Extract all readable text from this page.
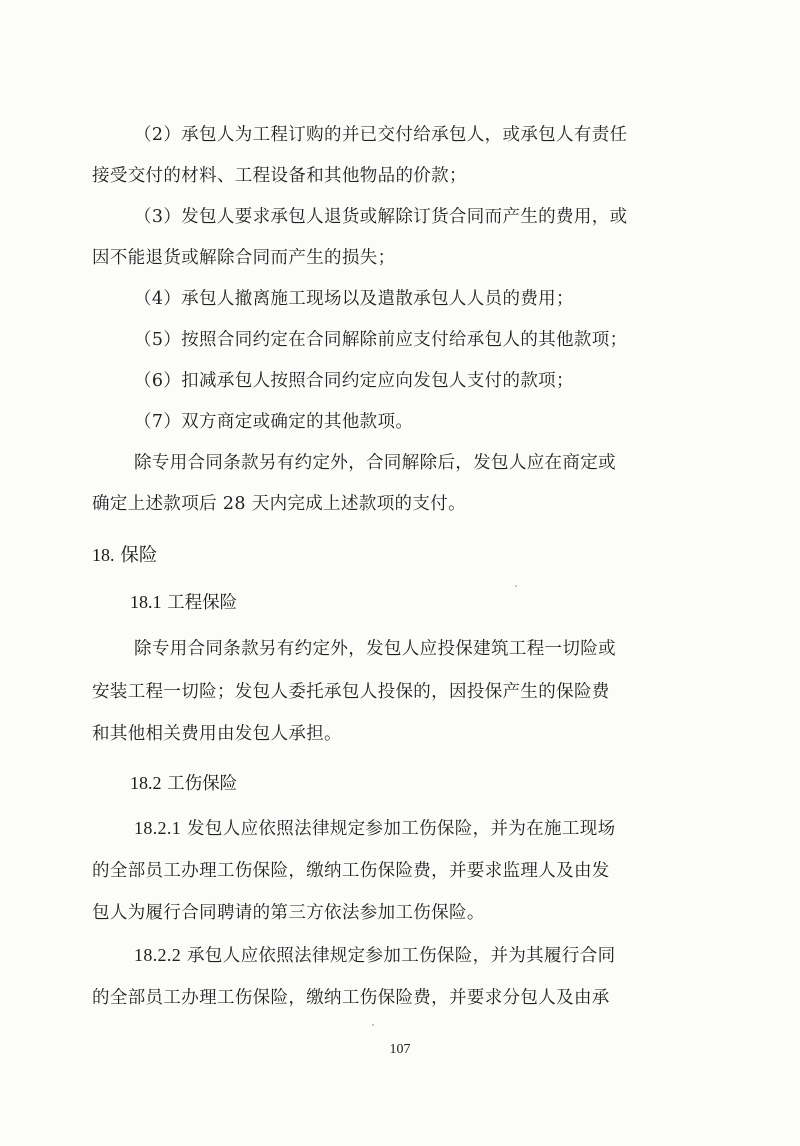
（2）承包人为工程订购的并已交付给承包人，或承包人有责任

接受交付的材料、工程设备和其他物品的价款；

（3）发包人要求承包人退货或解除订货合同而产生的费用，或

因不能退货或解除合同而产生的损失；

（4）承包人撤离施工现场以及遣散承包人人员的费用；

（5）按照合同约定在合同解除前应支付给承包人的其他款项；

（6）扣减承包人按照合同约定应向发包人支付的款项；

（7）双方商定或确定的其他款项。

除专用合同条款另有约定外，合同解除后，发包人应在商定或

确定上述款项后 28 天内完成上述款项的支付。

18. 保险

18.1 工程保险

除专用合同条款另有约定外，发包人应投保建筑工程一切险或

安装工程一切险；发包人委托承包人投保的，因投保产生的保险费

和其他相关费用由发包人承担。

18.2 工伤保险

18.2.1 发包人应依照法律规定参加工伤保险，并为在施工现场

的全部员工办理工伤保险，缴纳工伤保险费，并要求监理人及由发

包人为履行合同聘请的第三方依法参加工伤保险。

18.2.2 承包人应依照法律规定参加工伤保险，并为其履行合同

的全部员工办理工伤保险，缴纳工伤保险费，并要求分包人及由承

107
